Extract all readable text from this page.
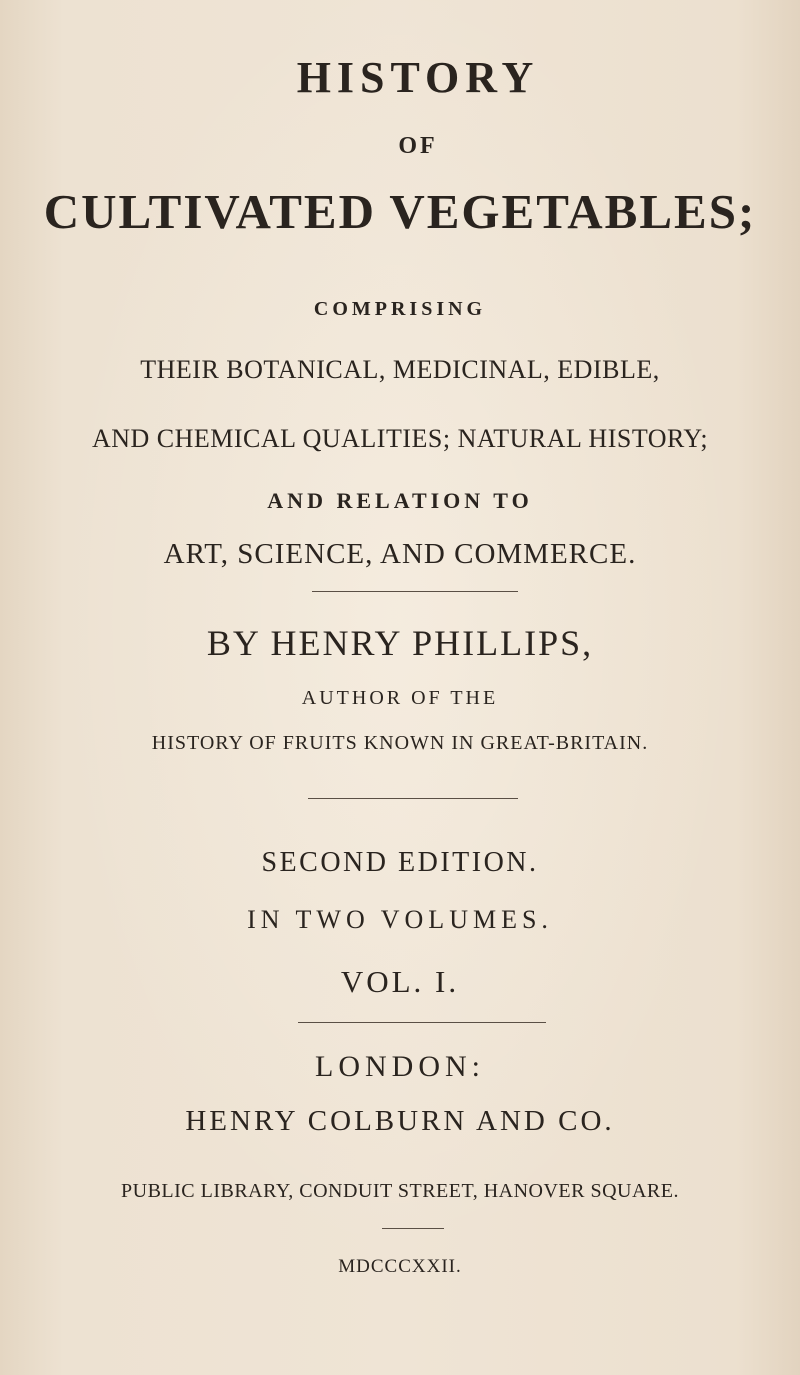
HISTORY
OF
CULTIVATED VEGETABLES;
COMPRISING
THEIR BOTANICAL, MEDICINAL, EDIBLE,
AND CHEMICAL QUALITIES; NATURAL HISTORY;
AND RELATION TO
ART, SCIENCE, AND COMMERCE.
BY HENRY PHILLIPS,
AUTHOR OF THE
HISTORY OF FRUITS KNOWN IN GREAT-BRITAIN.
SECOND EDITION.
IN TWO VOLUMES.
VOL. I.
LONDON:
HENRY COLBURN AND CO.
PUBLIC LIBRARY, CONDUIT STREET, HANOVER SQUARE.
MDCCCXXII.
